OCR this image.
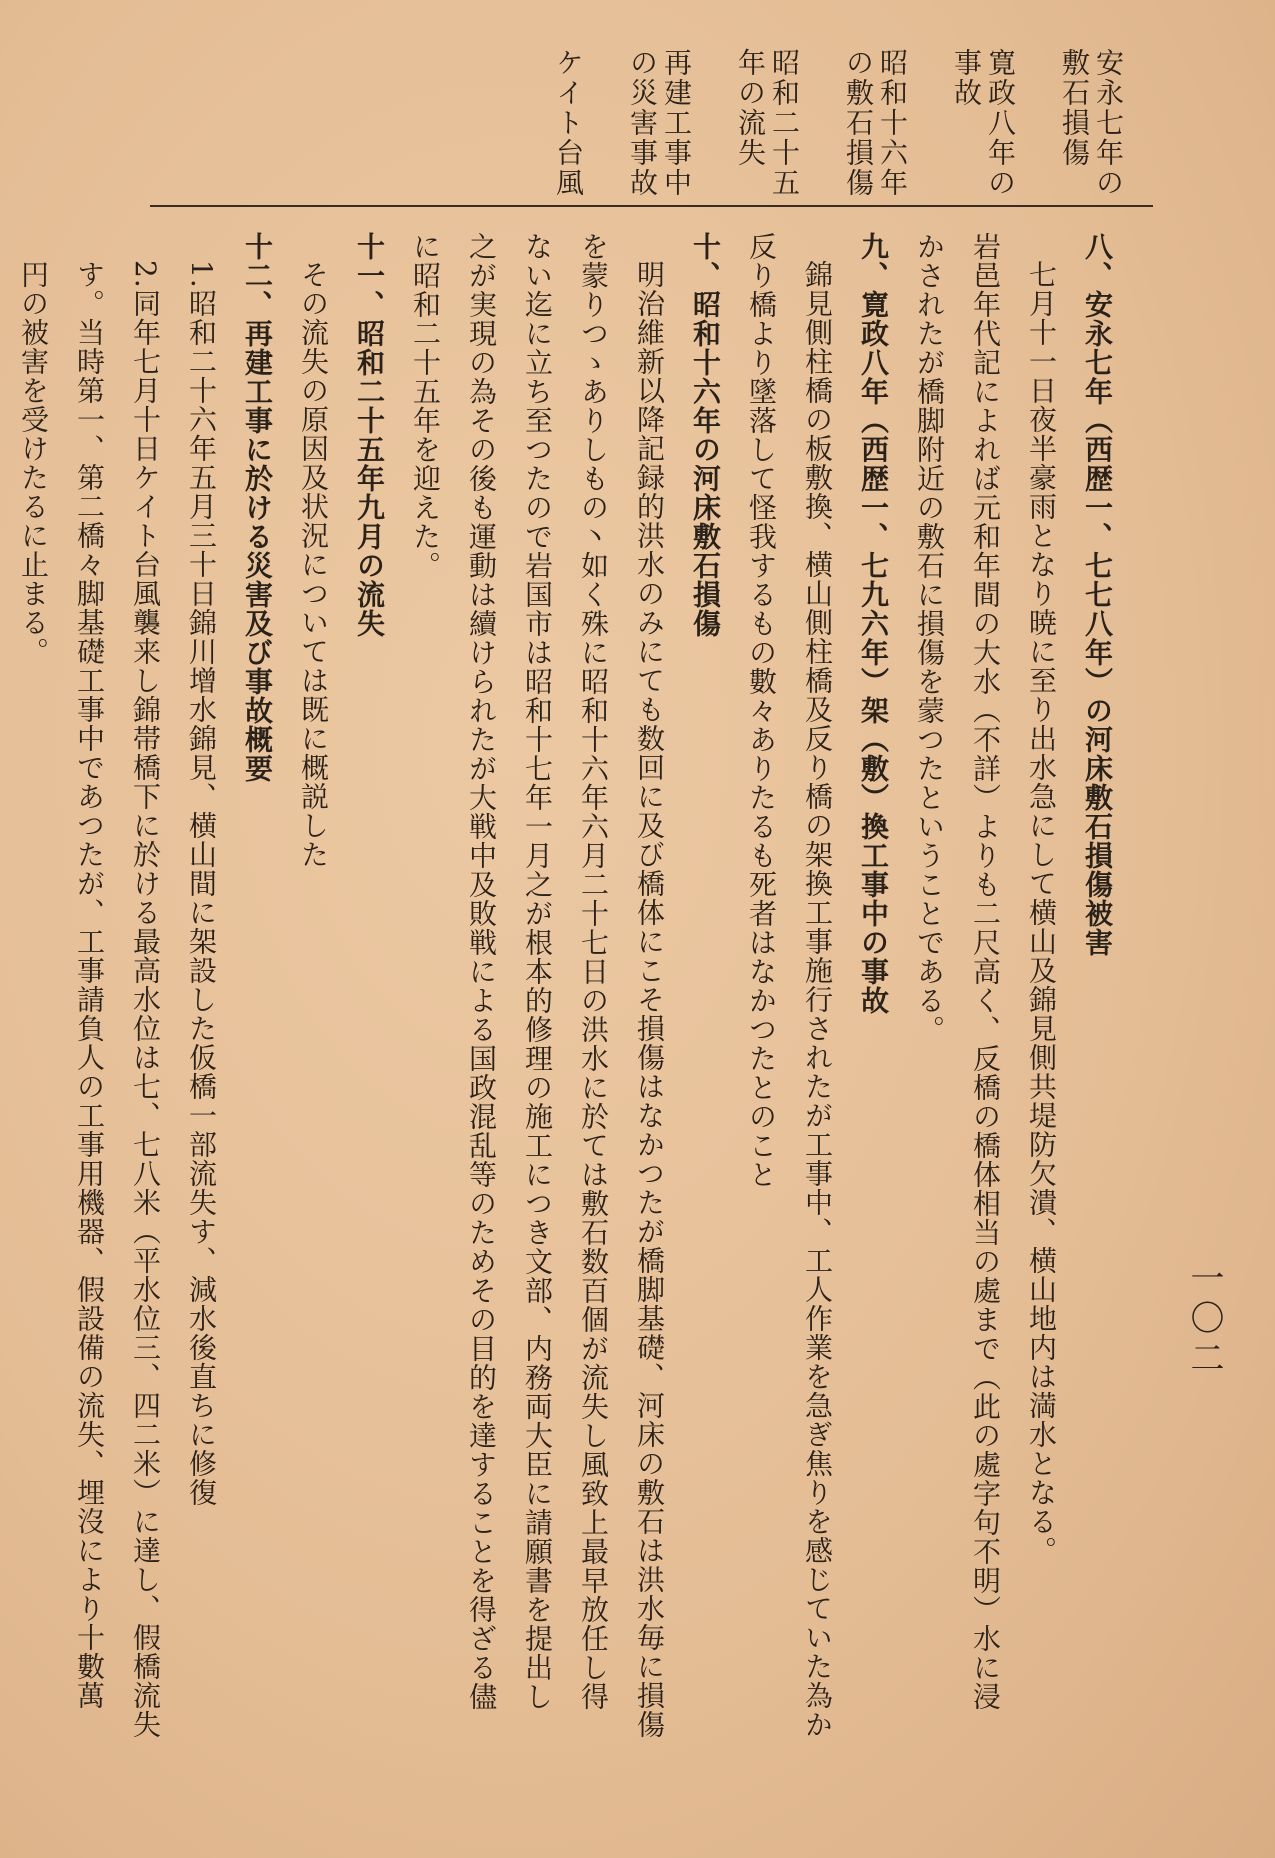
安永七年の敷石損傷
寛政八年の事故
昭和十六年の敷石損傷
昭和二十五年の流失
再建工事中の災害事故
ケイト台風

八、安永七年（西歴一、七七八年）の河床敷石損傷被害

七月十一日夜半豪雨となり暁に至り出水急にして横山及錦見側共堤防欠潰、横山地内は満水となる。

岩邑年代記によれば元和年間の大水（不詳）よりも二尺高く、反橋の橋体相当の處まで（此の處字句不明）水に浸

かされたが橋脚附近の敷石に損傷を蒙つたということである。

九、寛政八年（西歴一、七九六年）架（敷）換工事中の事故

錦見側柱橋の板敷換、横山側柱橋及反り橋の架換工事施行されたが工事中、工人作業を急ぎ焦りを感じていた為か

反り橋より墜落して怪我するもの數々ありたるも死者はなかつたとのこと

十、昭和十六年の河床敷石損傷

明治維新以降記録的洪水のみにても数回に及び橋体にこそ損傷はなかつたが橋脚基礎、河床の敷石は洪水毎に損傷

を蒙りつゝありしもの丶如く殊に昭和十六年六月二十七日の洪水に於ては敷石数百個が流失し風致上最早放任し得

ない迄に立ち至つたので岩国市は昭和十七年一月之が根本的修理の施工につき文部、内務両大臣に請願書を提出し

之が実現の為その後も運動は續けられたが大戦中及敗戦による国政混乱等のためその目的を達することを得ざる儘

に昭和二十五年を迎えた。

十一、昭和二十五年九月の流失

その流失の原因及状況については既に概説した

十二、再建工事に於ける災害及び事故概要

1.昭和二十六年五月三十日錦川增水錦見、横山間に架設した仮橋一部流失す、減水後直ちに修復

2.同年七月十日ケイト台風襲来し錦帯橋下に於ける最高水位は七、七八米（平水位三、四二米）に達し、假橋流失

す。当時第一、第二橋々脚基礎工事中であつたが、工事請負人の工事用機器、假設備の流失、埋沒により十數萬

円の被害を受けたるに止まる。

一〇二
